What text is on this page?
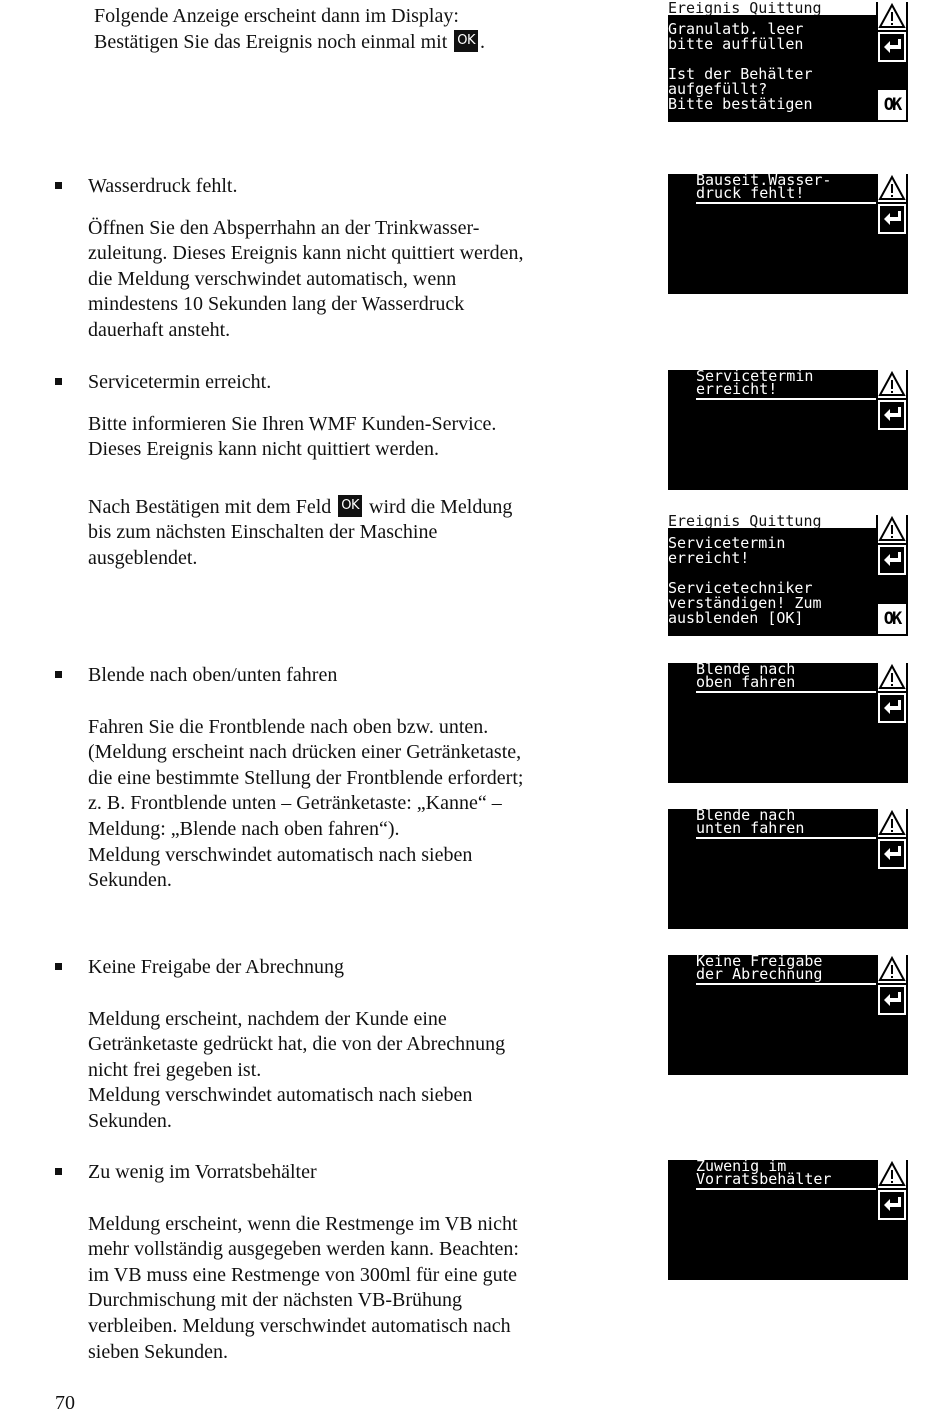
Folgende Anzeige erscheint dann im Display:

Bestätigen Sie das Ereignis noch einmal mit OK .

Wasserdruck fehlt.

Öffnen Sie den Absperrhahn an der Trinkwasser-

zuleitung. Dieses Ereignis kann nicht quittiert werden,

die Meldung verschwindet automatisch, wenn

mindestens 10 Sekunden lang der Wasserdruck

dauerhaft ansteht.

Servicetermin erreicht.

Bitte informieren Sie Ihren WMF Kunden-Service.

Dieses Ereignis kann nicht quittiert werden.

Nach Bestätigen mit dem Feld OK wird die Meldung

bis zum nächsten Einschalten der Maschine

ausgeblendet.

Blende nach oben/unten fahren

Fahren Sie die Frontblende nach oben bzw. unten.

(Meldung erscheint nach drücken einer Getränketaste,

die eine bestimmte Stellung der Frontblende erfordert;

z. B. Frontblende unten – Getränketaste: „Kanne“ –

Meldung: „Blende nach oben fahren“).

Meldung verschwindet automatisch nach sieben

Sekunden.

Keine Freigabe der Abrechnung

Meldung erscheint, nachdem der Kunde eine

Getränketaste gedrückt hat, die von der Abrechnung

nicht frei gegeben ist.

Meldung verschwindet automatisch nach sieben

Sekunden.

Zu wenig im Vorratsbehälter

Meldung erscheint, wenn die Restmenge im VB nicht

mehr vollständig ausgegeben werden kann. Beachten:

im VB muss eine Restmenge von 300ml für eine gute

Durchmischung mit der nächsten VB-Brühung

verbleiben. Meldung verschwindet automatisch nach

sieben Sekunden.

Ereignis Quittung
Granulatb. leer
bitte auffüllen

Ist der Behälter
aufgefüllt?
Bitte bestätigen	OK
Bauseit.Wasser-
druck fehlt!
Servicetermin
erreicht!
Ereignis Quittung
Servicetermin
erreicht!

Servicetechniker
verständigen! Zum
ausblenden [OK]	OK
Blende nach
oben fahren
Blende nach
unten fahren
Keine Freigabe
der Abrechnung
Zuwenig im
Vorratsbehälter
70
